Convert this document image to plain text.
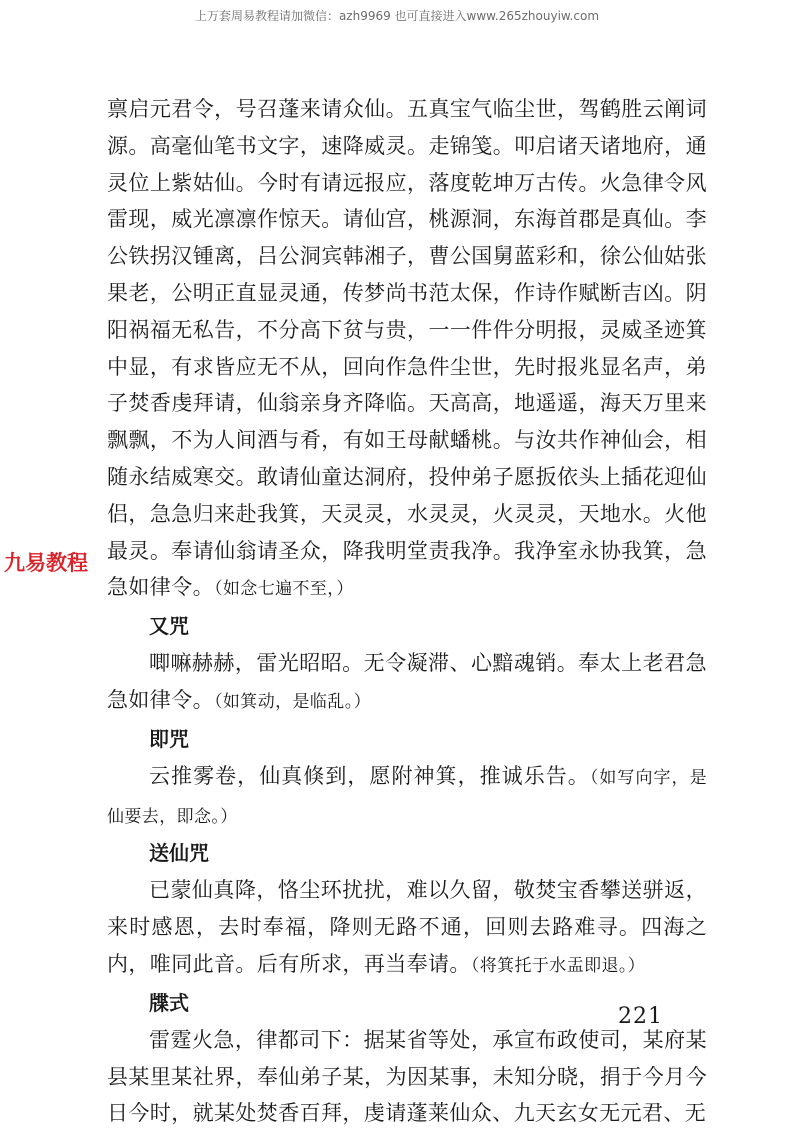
上万套周易教程请加微信：azh9969 也可直接进入www.265zhouyiw.com
九易教程

禀启元君令，号召蓬来请众仙。五真宝气临尘世，驾鹤胜云阐词源。高毫仙笔书文字，速降威灵。走锦笺。叩启诸天诸地府，通灵位上紫姑仙。今时有请远报应，落度乾坤万古传。火急律令风雷现，威光凛凛作惊天。请仙宫，桃源洞，东海首郡是真仙。李公铁拐汉锺离，吕公洞宾韩湘子，曹公国舅蓝彩和，徐公仙姑张果老，公明正直显灵通，传梦尚书范太保，作诗作赋断吉凶。阴阳祸福无私告，不分高下贫与贵，一一件件分明报，灵威圣迹箕中显，有求皆应无不从，回向作急件尘世，先时报兆显名声，弟子焚香虔拜请，仙翁亲身齐降临。天高高，地遥遥，海天万里来飘飘，不为人间酒与肴，有如王母献蟠桃。与汝共作神仙会，相随永结威寒交。敢请仙童达洞府，投仲弟子愿扳依头上插花迎仙侣，急急归来赴我箕，天灵灵，水灵灵，火灵灵，天地水。火他最灵。奉请仙翁请圣众，降我明堂责我净。我净室永协我箕，急急如律令。（如念七遍不至，）

又咒

唧嘛赫赫，雷光昭昭。无令凝滞、心黯魂销。奉太上老君急急如律令。（如箕动，是临乱。）

即咒

云推雾卷，仙真倏到，愿附神箕，推诚乐告。（如写向字，是仙要去，即念。）

送仙咒

已蒙仙真降，恪尘环扰扰，难以久留，敬焚宝香攀送骈返，来时感恩，去时奉福，降则无路不通，回则去路难寻。四海之内，唯同此音。后有所求，再当奉请。（将箕托于水盂即退。）

牒式

雷霆火急，律都司下：据某省等处，承宣布政使司，某府某县某里某社界，奉仙弟子某，为因某事，未知分晓，捐于今月今日今时，就某处焚香百拜，虔请蓬莱仙众、九天玄女无元君、无

221
